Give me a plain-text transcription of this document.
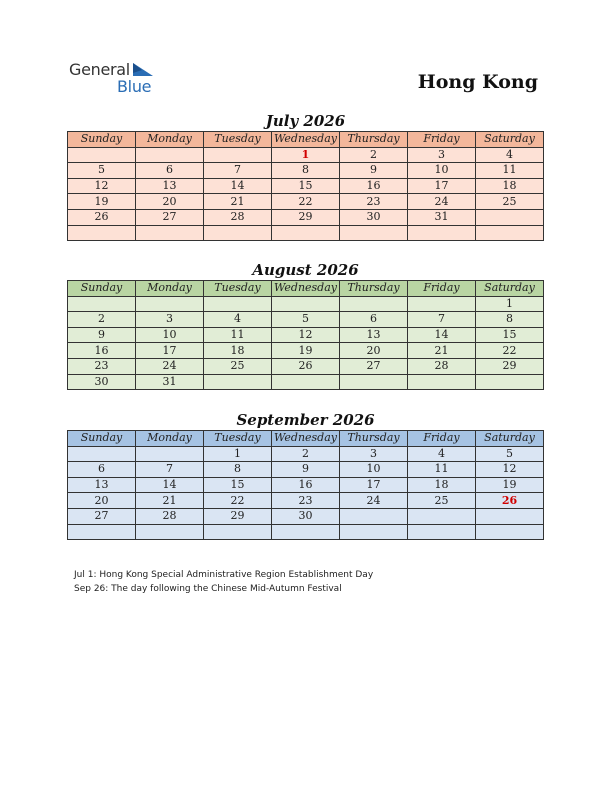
General
Blue	Hong Kong
July 2026
Sunday	Monday	Tuesday	Wednesday	Thursday	Friday	Saturday
			1	2	3	4
5	6	7	8	9	10	11
12	13	14	15	16	17	18
19	20	21	22	23	24	25
26	27	28	29	30	31	

August 2026
Sunday	Monday	Tuesday	Wednesday	Thursday	Friday	Saturday
						1
2	3	4	5	6	7	8
9	10	11	12	13	14	15
16	17	18	19	20	21	22
23	24	25	26	27	28	29
30	31					
September 2026
Sunday	Monday	Tuesday	Wednesday	Thursday	Friday	Saturday
		1	2	3	4	5
6	7	8	9	10	11	12
13	14	15	16	17	18	19
20	21	22	23	24	25	26
27	28	29	30			

Jul 1: Hong Kong Special Administrative Region Establishment Day
Sep 26: The day following the Chinese Mid-Autumn Festival
